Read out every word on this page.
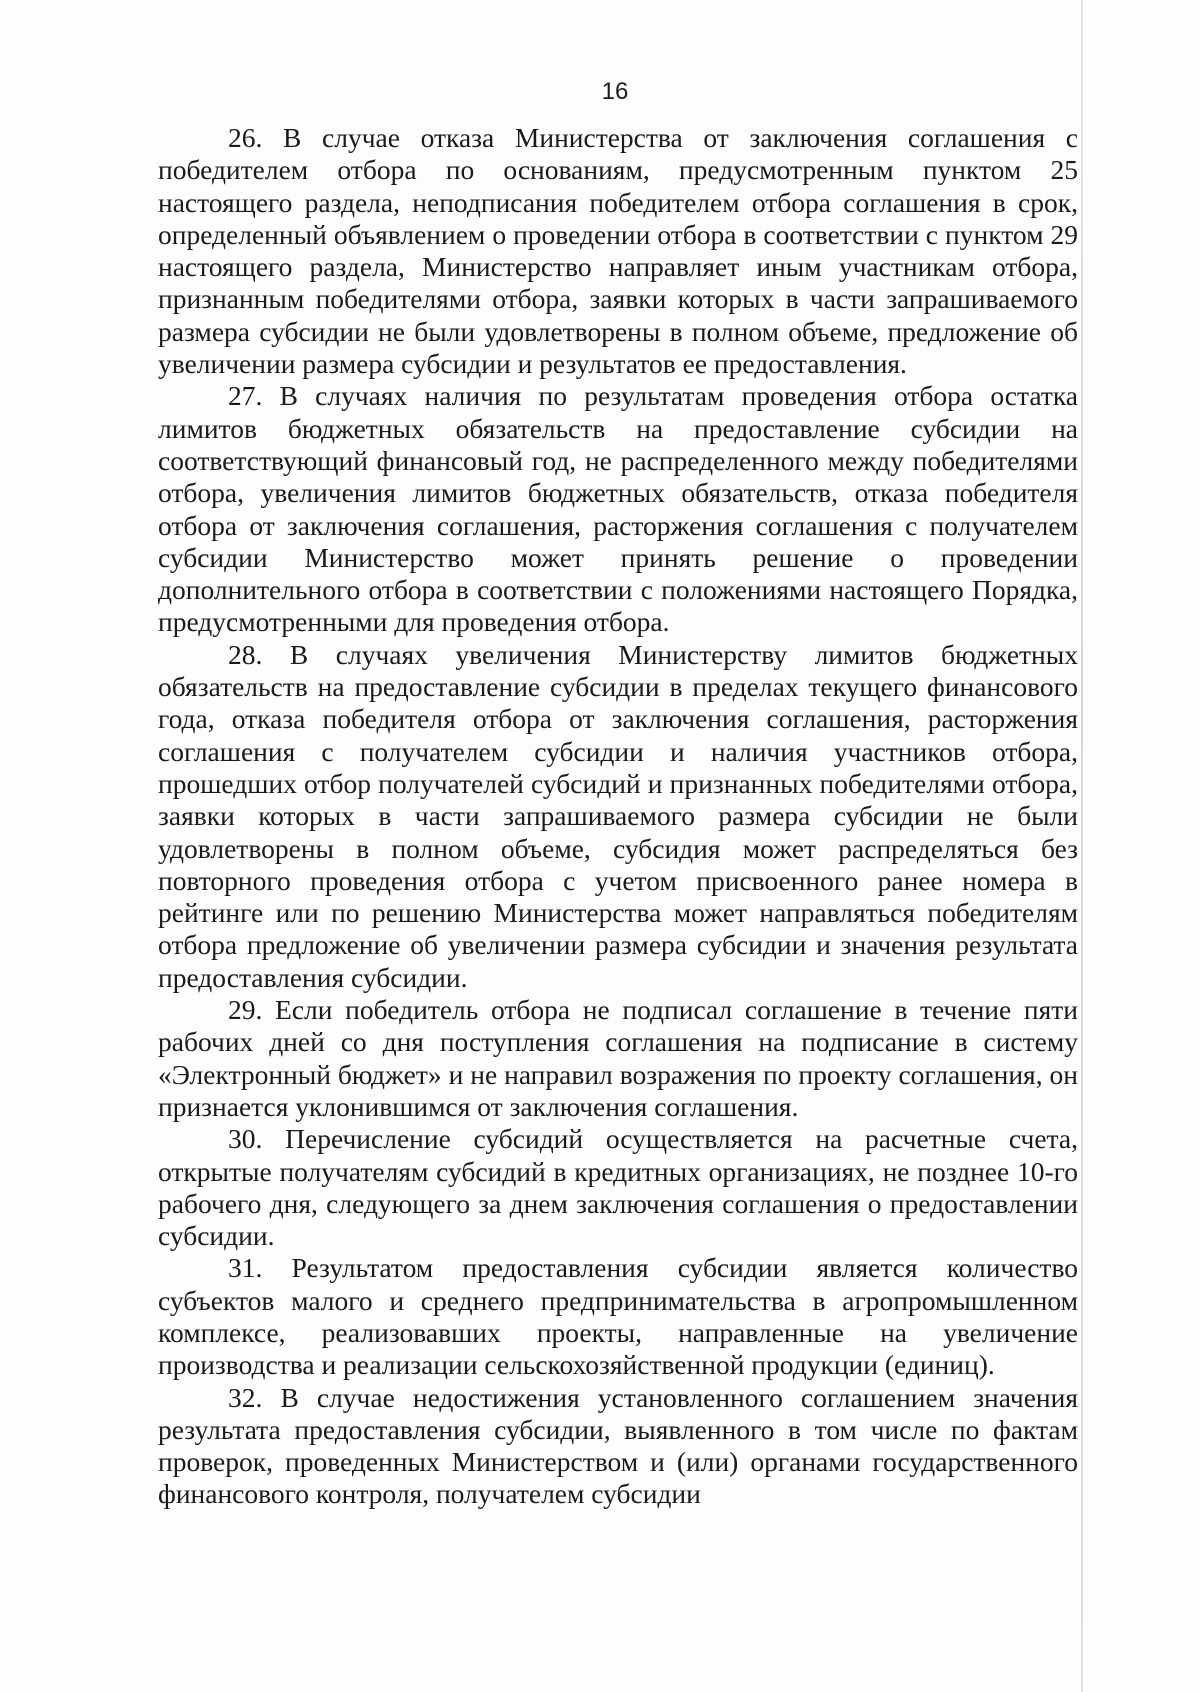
16

26. В случае отказа Министерства от заключения соглашения с победителем отбора по основаниям, предусмотренным пунктом 25 настоящего раздела, неподписания победителем отбора соглашения в срок, определенный объявлением о проведении отбора в соответствии с пунктом 29 настоящего раздела, Министерство направляет иным участникам отбора, признанным победителями отбора, заявки которых в части запрашиваемого размера субсидии не были удовлетворены в полном объеме, предложение об увеличении размера субсидии и результатов ее предоставления.

27. В случаях наличия по результатам проведения отбора остатка лимитов бюджетных обязательств на предоставление субсидии на соответствующий финансовый год, не распределенного между победителями отбора, увеличения лимитов бюджетных обязательств, отказа победителя отбора от заключения соглашения, расторжения соглашения с получателем субсидии Министерство может принять решение о проведении дополнительного отбора в соответствии с положениями настоящего Порядка, предусмотренными для проведения отбора.

28. В случаях увеличения Министерству лимитов бюджетных обязательств на предоставление субсидии в пределах текущего финансового года, отказа победителя отбора от заключения соглашения, расторжения соглашения с получателем субсидии и наличия участников отбора, прошедших отбор получателей субсидий и признанных победителями отбора, заявки которых в части запрашиваемого размера субсидии не были удовлетворены в полном объеме, субсидия может распределяться без повторного проведения отбора с учетом присвоенного ранее номера в рейтинге или по решению Министерства может направляться победителям отбора предложение об увеличении размера субсидии и значения результата предоставления субсидии.

29. Если победитель отбора не подписал соглашение в течение пяти рабочих дней со дня поступления соглашения на подписание в систему «Электронный бюджет» и не направил возражения по проекту соглашения, он признается уклонившимся от заключения соглашения.

30. Перечисление субсидий осуществляется на расчетные счета, открытые получателям субсидий в кредитных организациях, не позднее 10-го рабочего дня, следующего за днем заключения соглашения о предоставлении субсидии.

31. Результатом предоставления субсидии является количество субъектов малого и среднего предпринимательства в агропромышленном комплексе, реализовавших проекты, направленные на увеличение производства и реализации сельскохозяйственной продукции (единиц).

32. В случае недостижения установленного соглашением значения результата предоставления субсидии, выявленного в том числе по фактам проверок, проведенных Министерством и (или) органами государственного финансового контроля, получателем субсидии
